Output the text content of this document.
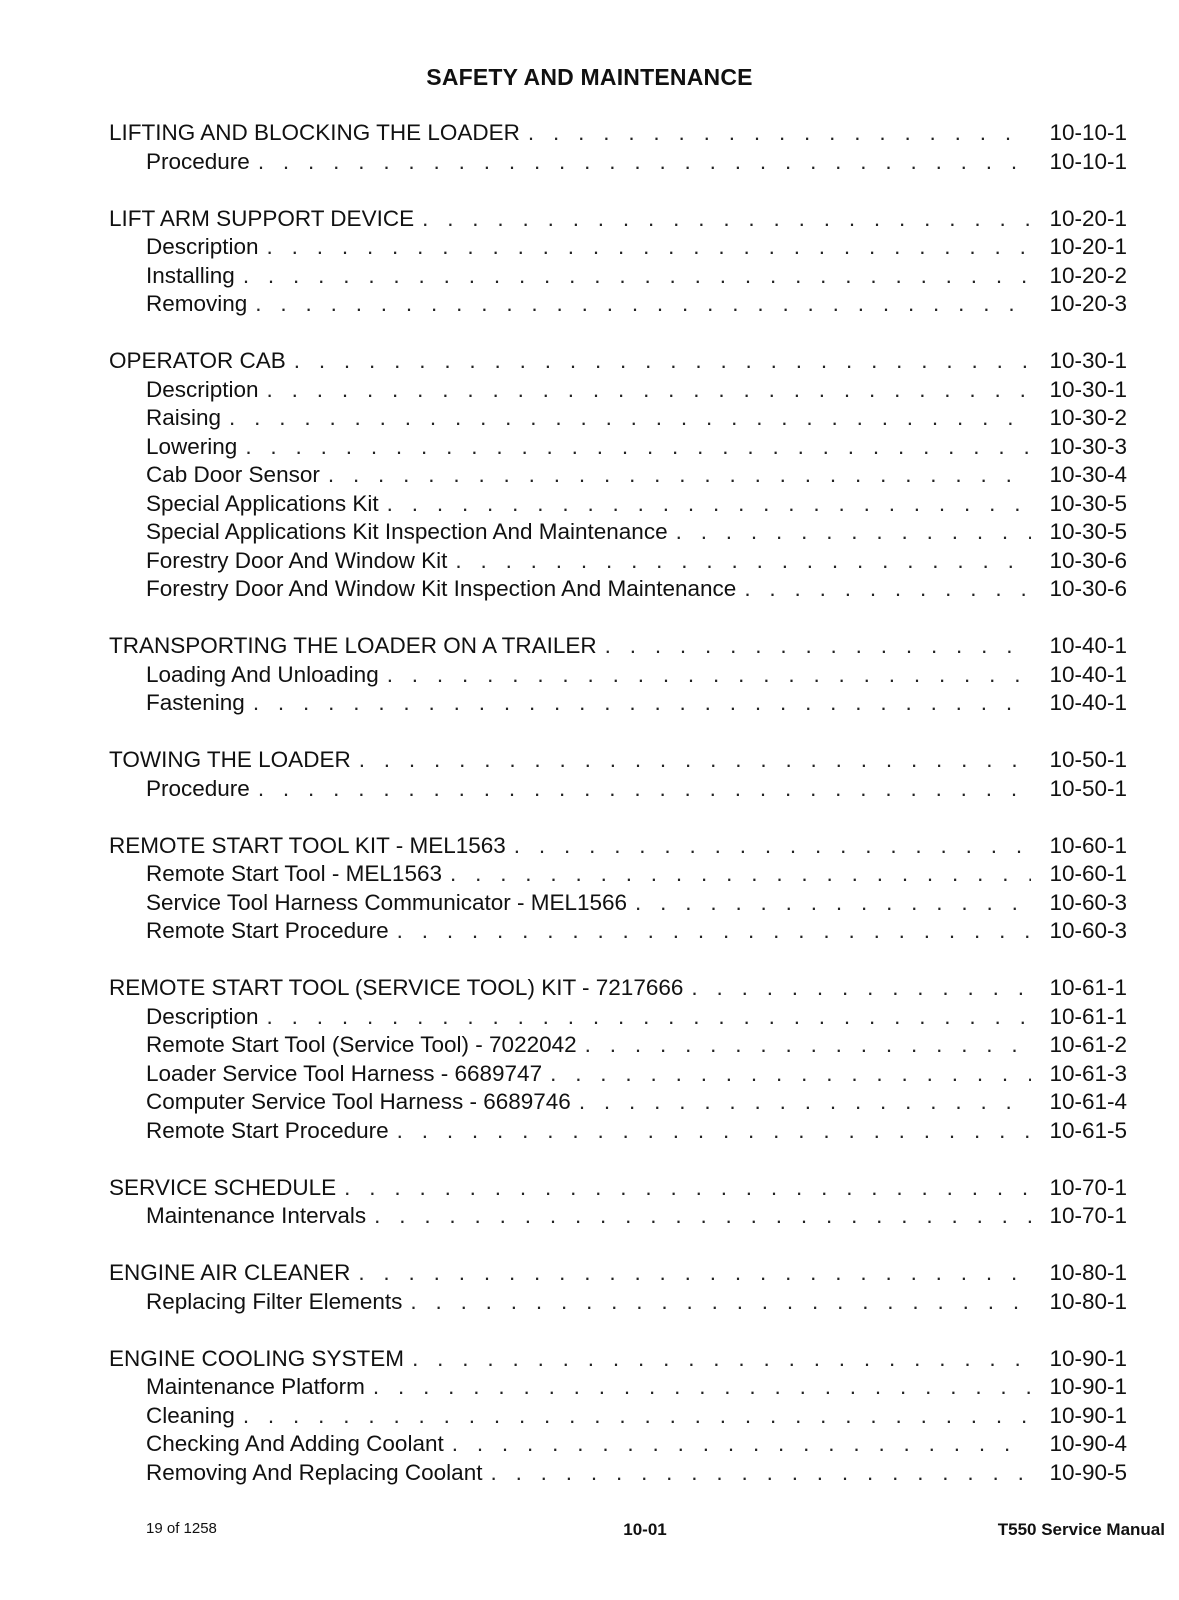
SAFETY AND MAINTENANCE
LIFTING AND BLOCKING THE LOADER . . .	10-10-1
Procedure . . .	10-10-1
LIFT ARM SUPPORT DEVICE . . .	10-20-1
Description . . .	10-20-1
Installing . . .	10-20-2
Removing . . .	10-20-3
OPERATOR CAB . . .	10-30-1
Description . . .	10-30-1
Raising . . .	10-30-2
Lowering . . .	10-30-3
Cab Door Sensor . . .	10-30-4
Special Applications Kit . . .	10-30-5
Special Applications Kit Inspection And Maintenance . . .	10-30-5
Forestry Door And Window Kit . . .	10-30-6
Forestry Door And Window Kit Inspection And Maintenance . . .	10-30-6
TRANSPORTING THE LOADER ON A TRAILER . . .	10-40-1
Loading And Unloading . . .	10-40-1
Fastening . . .	10-40-1
TOWING THE LOADER . . .	10-50-1
Procedure . . .	10-50-1
REMOTE START TOOL KIT - MEL1563 . . .	10-60-1
Remote Start Tool - MEL1563 . . .	10-60-1
Service Tool Harness Communicator - MEL1566 . . .	10-60-3
Remote Start Procedure . . .	10-60-3
REMOTE START TOOL (SERVICE TOOL) KIT - 7217666 . . .	10-61-1
Description . . .	10-61-1
Remote Start Tool (Service Tool) - 7022042 . . .	10-61-2
Loader Service Tool Harness - 6689747 . . .	10-61-3
Computer Service Tool Harness - 6689746 . . .	10-61-4
Remote Start Procedure . . .	10-61-5
SERVICE SCHEDULE . . .	10-70-1
Maintenance Intervals . . .	10-70-1
ENGINE AIR CLEANER . . .	10-80-1
Replacing Filter Elements . . .	10-80-1
ENGINE COOLING SYSTEM . . .	10-90-1
Maintenance Platform . . .	10-90-1
Cleaning . . .	10-90-1
Checking And Adding Coolant . . .	10-90-4
Removing And Replacing Coolant . . .	10-90-5
19 of 1258	10-01	T550 Service Manual
